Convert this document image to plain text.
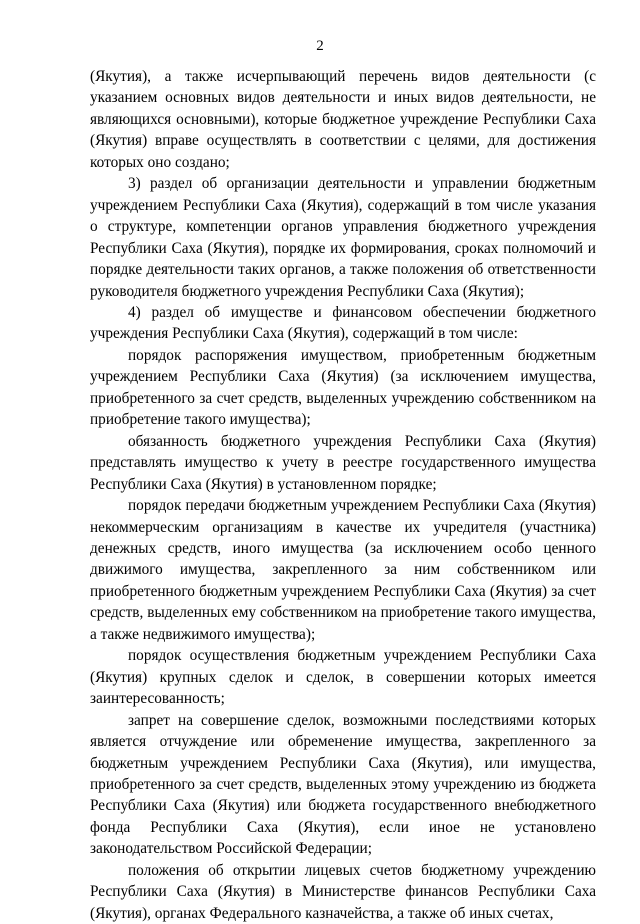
2

(Якутия), а также исчерпывающий перечень видов деятельности (с указанием основных видов деятельности и иных видов деятельности, не являющихся основными), которые бюджетное учреждение Республики Саха (Якутия) вправе осуществлять в соответствии с целями, для достижения которых оно создано;

3) раздел об организации деятельности и управлении бюджетным учреждением Республики Саха (Якутия), содержащий в том числе указания о структуре, компетенции органов управления бюджетного учреждения Республики Саха (Якутия), порядке их формирования, сроках полномочий и порядке деятельности таких органов, а также положения об ответственности руководителя бюджетного учреждения Республики Саха (Якутия);

4) раздел об имуществе и финансовом обеспечении бюджетного учреждения Республики Саха (Якутия), содержащий в том числе:

порядок распоряжения имуществом, приобретенным бюджетным учреждением Республики Саха (Якутия) (за исключением имущества, приобретенного за счет средств, выделенных учреждению собственником на приобретение такого имущества);

обязанность бюджетного учреждения Республики Саха (Якутия) представлять имущество к учету в реестре государственного имущества Республики Саха (Якутия) в установленном порядке;

порядок передачи бюджетным учреждением Республики Саха (Якутия) некоммерческим организациям в качестве их учредителя (участника) денежных средств, иного имущества (за исключением особо ценного движимого имущества, закрепленного за ним собственником или приобретенного бюджетным учреждением Республики Саха (Якутия) за счет средств, выделенных ему собственником на приобретение такого имущества, а также недвижимого имущества);

порядок осуществления бюджетным учреждением Республики Саха (Якутия) крупных сделок и сделок, в совершении которых имеется заинтересованность;

запрет на совершение сделок, возможными последствиями которых является отчуждение или обременение имущества, закрепленного за бюджетным учреждением Республики Саха (Якутия), или имущества, приобретенного за счет средств, выделенных этому учреждению из бюджета Республики Саха (Якутия) или бюджета государственного внебюджетного фонда Республики Саха (Якутия), если иное не установлено законодательством Российской Федерации;

положения об открытии лицевых счетов бюджетному учреждению Республики Саха (Якутия) в Министерстве финансов Республики Саха (Якутия), органах Федерального казначейства, а также об иных счетах,
